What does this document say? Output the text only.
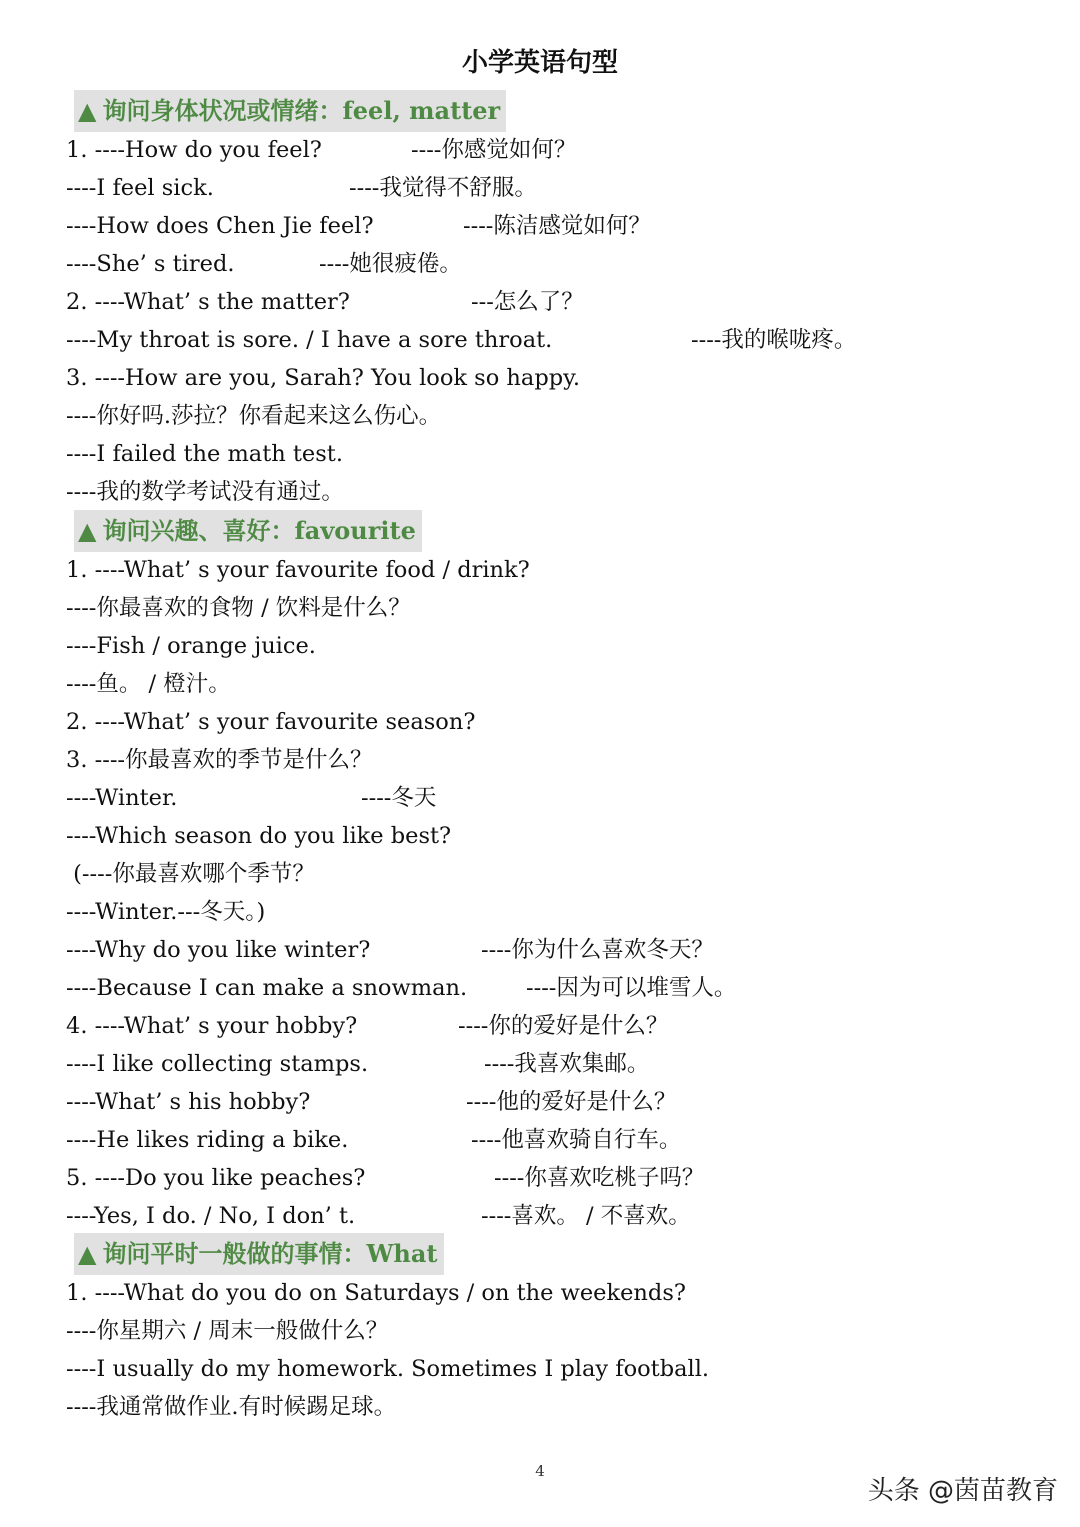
小学英语句型
▲ 询问身体状况或情绪：feel, matter
1. ----How do you feel?	----你感觉如何？
----I feel sick.	----我觉得不舒服。
----How does Chen Jie feel?	----陈洁感觉如何？
----She’ s tired.	----她很疲倦。
2. ----What’ s the matter?	---怎么了？
----My throat is sore. / I have a sore throat.	----我的喉咙疼。
3. ----How are you, Sarah? You look so happy.
----你好吗.莎拉？你看起来这么伤心。
----I failed the math test.
----我的数学考试没有通过。
▲ 询问兴趣、喜好：favourite
1. ----What’ s your favourite food / drink?
----你最喜欢的食物 / 饮料是什么？
----Fish / orange juice.
----鱼。 / 橙汁。
2. ----What’ s your favourite season?
3. ----你最喜欢的季节是什么？
----Winter.	----冬天
----Which season do you like best?
(----你最喜欢哪个季节？
----Winter.---冬天。)
----Why do you like winter?	----你为什么喜欢冬天？
----Because I can make a snowman.	----因为可以堆雪人。
4. ----What’ s your hobby?	----你的爱好是什么？
----I like collecting stamps.	----我喜欢集邮。
----What’ s his hobby?	----他的爱好是什么？
----He likes riding a bike.	----他喜欢骑自行车。
5. ----Do you like peaches?	----你喜欢吃桃子吗？
----Yes, I do. / No, I don’ t.	----喜欢。 / 不喜欢。
▲ 询问平时一般做的事情：What
1. ----What do you do on Saturdays / on the weekends?
----你星期六 / 周末一般做什么？
----I usually do my homework. Sometimes I play football.
----我通常做作业.有时候踢足球。
4
头条 @茵苗教育
